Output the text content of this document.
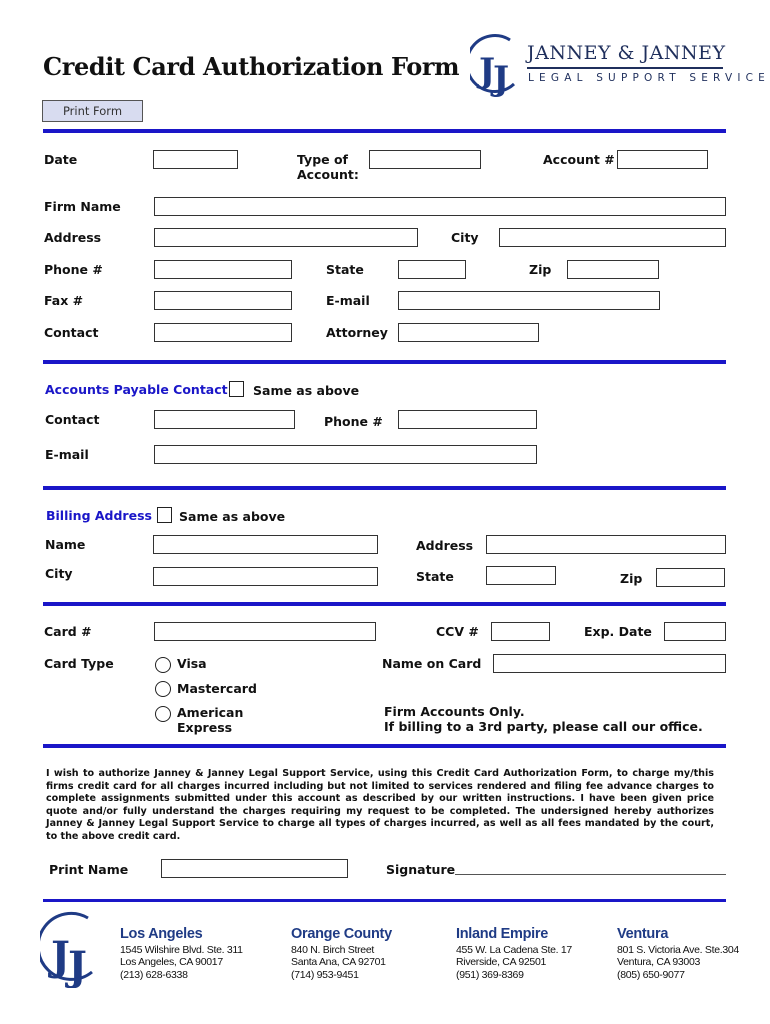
Credit Card Authorization Form J
J
JANNEY & JANNEY
LEGAL SUPPORT SERVICE
Print Form
Date	Type of
Account:
Account #
Firm Name
Address	City
Phone #	State	Zip
Fax #	E-mail
Contact	Attorney
Accounts Payable Contact Same as above
Contact	Phone #
E-mail
Billing Address Same as above
Name	Address
City	State	Zip
Card #	CCV #	Exp. Date
Card Type	Visa
Mastercard
American
Express
Name on Card
Firm Accounts Only.
If billing to a 3rd party, please call our office.
I wish to authorize Janney & Janney Legal Support Service, using this Credit Card Authorization Form, to charge my/this firms credit card for all charges incurred including but not limited to services rendered and filing fee advance charges to complete assignments submitted under this account as described by our written instructions. I have been given price quote and/or fully understand the charges requiring my request to be completed. The undersigned hereby authorizes Janney & Janney Legal Support Service to charge all types of charges incurred, as well as all fees mandated by the court, to the above credit card.
Print Name	Signature
J
J
Los Angeles
1545 Wilshire Blvd. Ste. 311
Los Angeles, CA 90017
(213) 628-6338
Orange County
840 N. Birch Street
Santa Ana, CA 92701
(714) 953-9451
Inland Empire
455 W. La Cadena Ste. 17
Riverside, CA 92501
(951) 369-8369
Ventura
801 S. Victoria Ave. Ste.304
Ventura, CA 93003
(805) 650-9077
